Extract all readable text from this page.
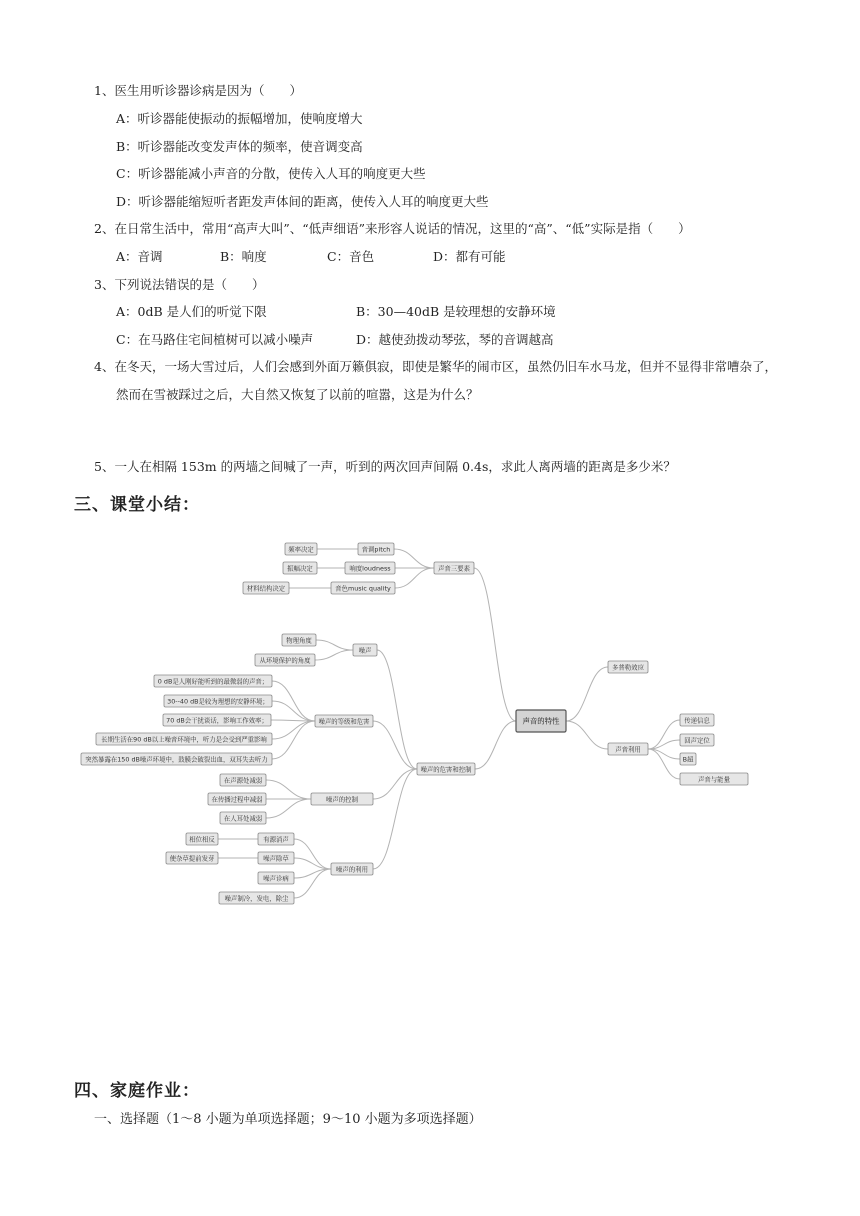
1、医生用听诊器诊病是因为（　　）
A：听诊器能使振动的振幅增加，使响度增大
B：听诊器能改变发声体的频率，使音调变高
C：听诊器能减小声音的分散，使传入人耳的响度更大些
D：听诊器能缩短听者距发声体间的距离，使传入人耳的响度更大些
2、在日常生活中，常用“高声大叫”、“低声细语”来形容人说话的情况，这里的“高”、“低”实际是指（　　）
A：音调	B：响度	C：音色	D：都有可能
3、下列说法错误的是（　　）
A：0dB 是人们的听觉下限	B：30—40dB 是较理想的安静环境
C：在马路住宅间植树可以减小噪声	D：越使劲拨动琴弦，琴的音调越高
4、在冬天，一场大雪过后，人们会感到外面万籁俱寂，即使是繁华的闹市区，虽然仍旧车水马龙，但并不显得非常嘈杂了，
然而在雪被踩过之后，大自然又恢复了以前的喧嚣，这是为什么？
5、一人在相隔 153m 的两墙之间喊了一声，听到的两次回声间隔 0.4s，求此人离两墙的距离是多少米？
三、课堂小结：
声音的特性
声音三要素
音调pitch
频率决定
响度loudness
振幅决定
音色music quality
材料结构决定
噪声的危害和控制
噪声
物理角度
从环境保护的角度
噪声的等级和危害
0 dB是人刚好能听到的最微弱的声音；
30--40 dB是较为理想的安静环境；
70 dB会干扰谈话，影响工作效率；
长期生活在90 dB以上噪音环境中，听力是会受到严重影响
突然暴露在150 dB噪声环境中，鼓膜会破裂出血，双耳失去听力
噪声的控制
在声源处减弱
在传播过程中减弱
在人耳处减弱
噪声的利用
有源消声
相位相反
噪声除草
使杂草提前发芽
噪声诊病
噪声制冷，发电，除尘
多普勒效应
声音利用
传递信息
回声定位
B超
声音与能量
四、家庭作业：
一、选择题（1～8 小题为单项选择题；9～10 小题为多项选择题）
